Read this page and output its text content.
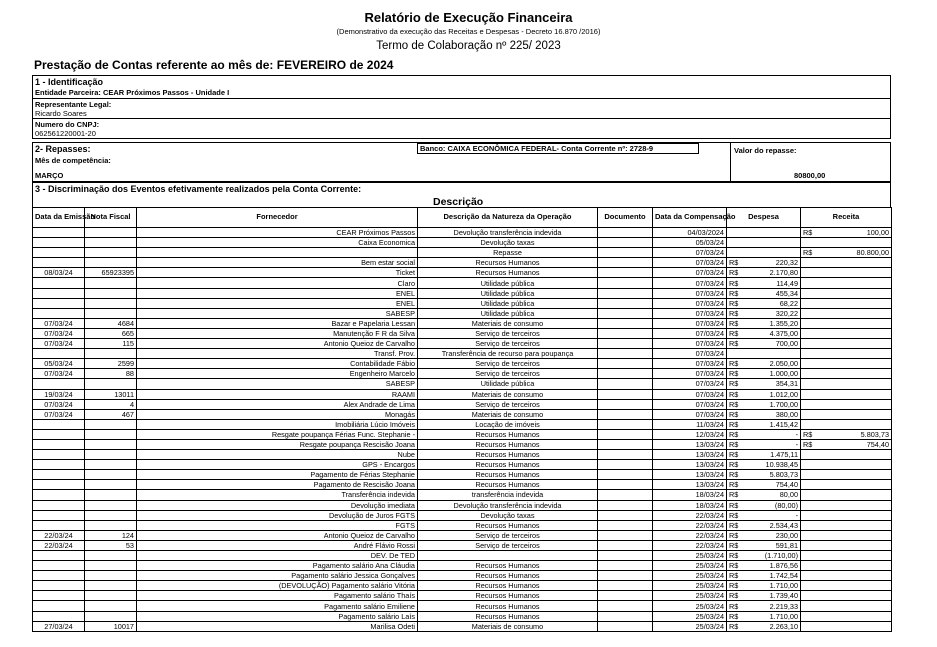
Relatório de Execução Financeira
(Demonstrativo da execução das Receitas e Despesas - Decreto 16.870 /2016)
Termo de Colaboração nº 225/ 2023
Prestação de Contas referente ao mês de: FEVEREIRO de 2024
1 - Identificação
Entidade Parceira: CEAR Próximos Passos - Unidade I
Representante Legal:
Ricardo Soares
Numero do CNPJ:
062561220001-20
2- Repasses:
Mês de competência:
MARÇO
Banco: CAIXA ECONÔMICA FEDERAL- Conta Corrente nº: 2728-9	Valor do repasse:
80800,00
3 - Discriminação dos Eventos efetivamente realizados pela Conta Corrente:
Descrição
Data da Emissão	Nota Fiscal	Fornecedor	Descrição da Natureza da Operação	Documento	Data da Compensação	Despesa		Receita	
		CEAR Próximos Passos	Devolução transferência indevida		04/03/2024			R$	100,00
		Caixa Economica	Devolução taxas		05/03/24				
			Repasse		07/03/24			R$	80.800,00
		Bem estar social	Recursos Humanos		07/03/24	R$	220,32		
08/03/24	65923395	Ticket	Recursos Humanos		07/03/24	R$	2.170,80		
		Claro	Utilidade pública		07/03/24	R$	114,49		
		ENEL	Utilidade pública		07/03/24	R$	455,34		
		ENEL	Utilidade pública		07/03/24	R$	68,22		
		SABESP	Utilidade pública		07/03/24	R$	320,22		
07/03/24	4684	Bazar e Papelaria Lessan	Materiais de consumo		07/03/24	R$	1.355,20		
07/03/24	665	Manutenção F R da Silva	Serviço de terceiros		07/03/24	R$	4.375,00		
07/03/24	115	Antonio Queioz de Carvalho	Serviço de terceiros		07/03/24	R$	700,00		
		Transf. Prov.	Transferência de recurso para poupança		07/03/24				
05/03/24	2599	Contabilidade Fábio	Serviço de terceiros		07/03/24	R$	2.050,00		
07/03/24	88	Engenheiro Marcelo	Serviço de terceiros		07/03/24	R$	1.000,00		
		SABESP	Utilidade pública		07/03/24	R$	354,31		
19/03/24	13011	RAAMI	Materiais de consumo		07/03/24	R$	1.012,00		
07/03/24	4	Alex Andrade de Lima	Serviço de terceiros		07/03/24	R$	1.700,00		
07/03/24	467	Monagás	Materiais de consumo		07/03/24	R$	380,00		
		Imobiliária Lúcio Imóveis	Locação de imóveis		11/03/24	R$	1.415,42		
		Resgate poupança Férias Func. Stephanie -	Recursos Humanos		12/03/24	R$	-	R$	5.803,73
		Resgate poupança Rescisão Joana	Recursos Humanos		13/03/24	R$	-	R$	754,40
		Nube	Recursos Humanos		13/03/24	R$	1.475,11		
		GPS - Encargos	Recursos Humanos		13/03/24	R$	10.938,45		
		Pagamento de Férias Stephanie	Recursos Humanos		13/03/24	R$	5.803,73		
		Pagamento de Rescisão Joana	Recursos Humanos		13/03/24	R$	754,40		
		Transferência indevida	transferência indevida		18/03/24	R$	80,00		
		Devolução imediata	Devolução transferência indevida		18/03/24	R$	(80,00)		
		Devolução de Juros FGTS	Devolução taxas		22/03/24	R$	-		
		FGTS	Recursos Humanos		22/03/24	R$	2.534,43		
22/03/24	124	Antonio Queioz de Carvalho	Serviço de terceiros		22/03/24	R$	230,00		
22/03/24	53	André Flávio Rossi	Serviço de terceiros		22/03/24	R$	591,81		
		DEV. De TED			25/03/24	R$	(1.710,00)		
		Pagamento salário Ana Cláudia	Recursos Humanos		25/03/24	R$	1.876,56		
		Pagamento salário Jessica Gonçalves	Recursos Humanos		25/03/24	R$	1.742,54		
		(DEVOLUÇÃO) Pagamento salário Vitória	Recursos Humanos		25/03/24	R$	1.710,00		
		Pagamento salário Thaís	Recursos Humanos		25/03/24	R$	1.739,40		
		Pagamento salário Emiliene	Recursos Humanos		25/03/24	R$	2.219,33		
		Pagamento salário Laís	Recursos Humanos		25/03/24	R$	1.710,00		
27/03/24	10017	Marilisa Odeti	Materiais de consumo		25/03/24	R$	2.263,10		
